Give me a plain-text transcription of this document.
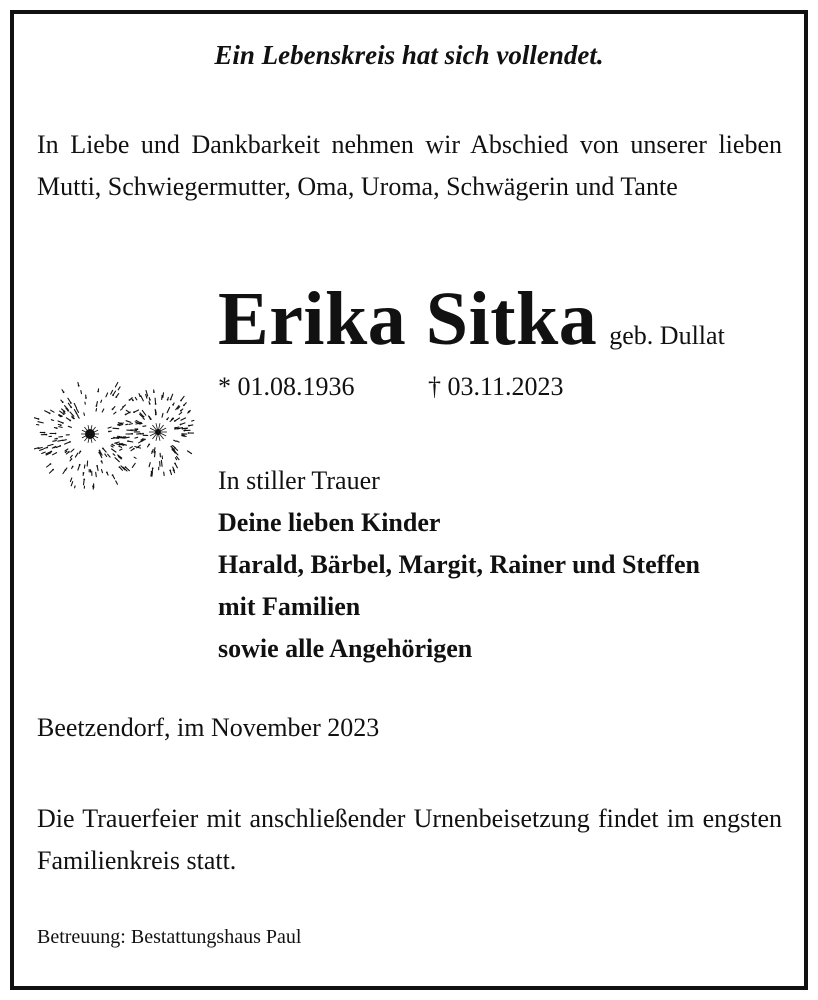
Ein Lebenskreis hat sich vollendet.
In Liebe und Dankbarkeit nehmen wir Abschied von unserer lieben Mutti, Schwiegermutter, Oma, Uroma, Schwägerin und Tante
Erika Sitka geb. Dullat
* 01.08.1936	† 03.11.2023
In stiller Trauer
Deine lieben Kinder
Harald, Bärbel, Margit, Rainer und Steffen
mit Familien
sowie alle Angehörigen
Beetzendorf, im November 2023
Die Trauerfeier mit anschließender Urnenbeisetzung findet im engsten Familienkreis statt.
Betreuung: Bestattungshaus Paul
